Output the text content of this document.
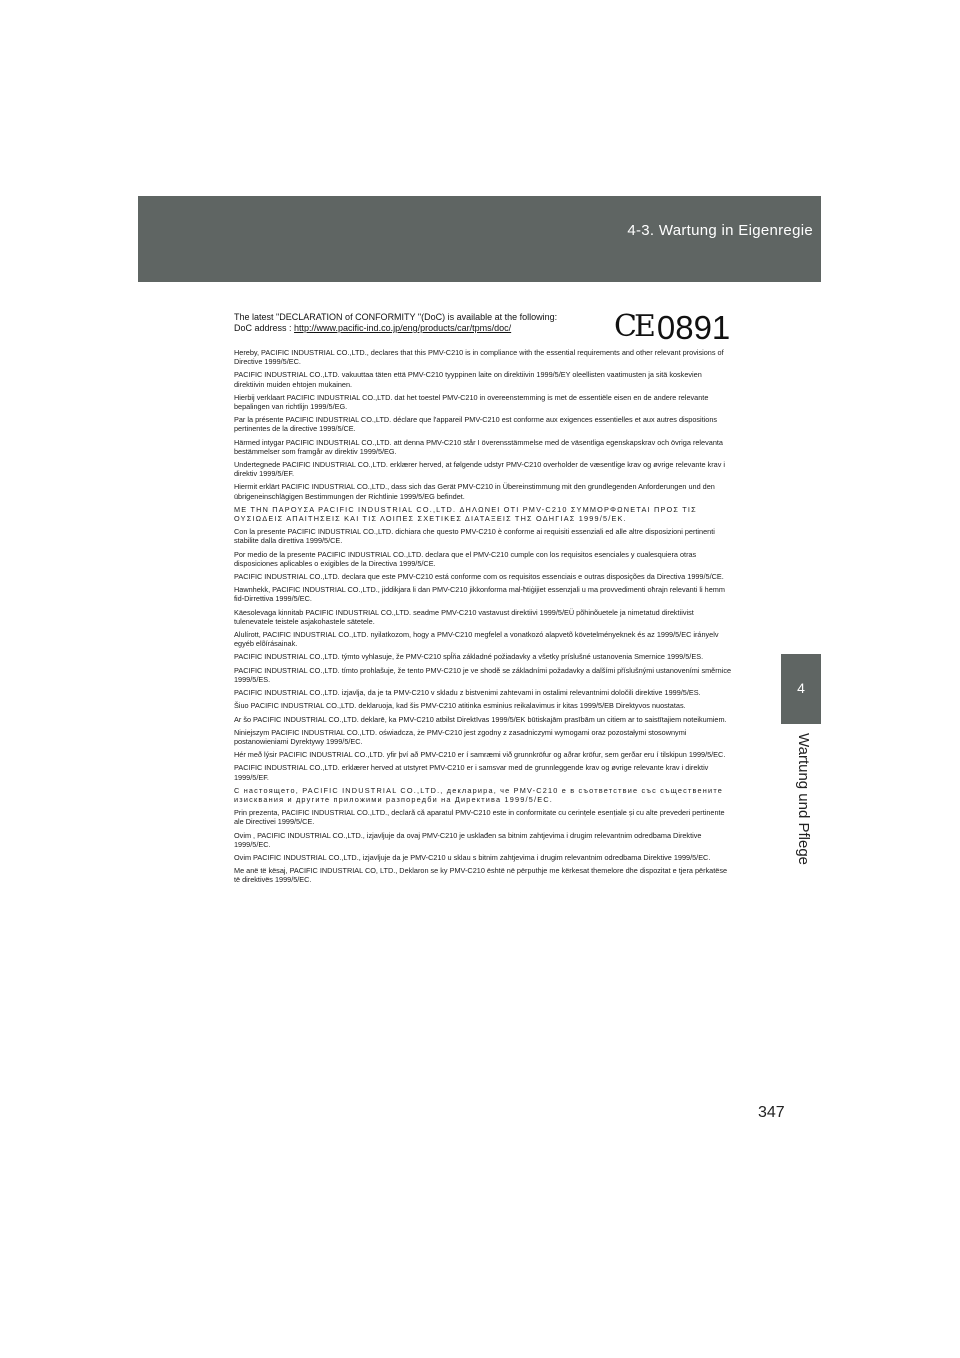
4-3. Wartung in Eigenregie
4
Wartung und Pflege
The latest "DECLARATION of CONFORMITY "(DoC) is available at the following:
DoC address : http://www.pacific-ind.co.jp/eng/products/car/tpms/doc/	CE 0891

Hereby, PACIFIC INDUSTRIAL CO.,LTD., declares that this PMV-C210 is in compliance with the essential requirements and other relevant provisions of Directive 1999/5/EC.

PACIFIC INDUSTRIAL CO.,LTD. vakuuttaa täten että PMV-C210 tyyppinen laite on direktiivin 1999/5/EY oleellisten vaatimusten ja sitä koskevien direktiivin muiden ehtojen mukainen.

Hierbij verklaart PACIFIC INDUSTRIAL CO.,LTD. dat het toestel PMV-C210 in overeenstemming is met de essentiële eisen en de andere relevante bepalingen van richtlijn 1999/5/EG.

Par la présente PACIFIC INDUSTRIAL CO.,LTD. déclare que l'appareil PMV-C210 est conforme aux exigences essentielles et aux autres dispositions pertinentes de la directive 1999/5/CE.

Härmed intygar PACIFIC INDUSTRIAL CO.,LTD. att denna PMV-C210 står I överensstämmelse med de väsentliga egenskapskrav och övriga relevanta bestämmelser som framgår av direktiv 1999/5/EG.

Undertegnede PACIFIC INDUSTRIAL CO.,LTD. erklærer herved, at følgende udstyr PMV-C210 overholder de væsentlige krav og øvrige relevante krav i direktiv 1999/5/EF.

Hiermit erklärt PACIFIC INDUSTRIAL CO.,LTD., dass sich das Gerät PMV-C210 in Übereinstimmung mit den grundlegenden Anforderungen und den übrigeneinschlägigen Bestimmungen der Richtlinie 1999/5/EG befindet.

ΜΕ ΤΗΝ ΠΑΡΟΥΣΑ PACIFIC INDUSTRIAL CO.,LTD. ΔΗΛΩΝΕΙ ΟΤΙ PMV-C210 ΣΥΜΜΟΡΦΩΝΕΤΑΙ ΠΡΟΣ ΤΙΣ ΟΥΣΙΩΔΕΙΣ ΑΠΑΙΤΗΣΕΙΣ ΚΑΙ ΤΙΣ ΛΟΙΠΕΣ ΣΧΕΤΙΚΕΣ ΔΙΑΤΑΞΕΙΣ ΤΗΣ ΟΔΗΓΙΑΣ 1999/5/ΕΚ.

Con la presente PACIFIC INDUSTRIAL CO.,LTD. dichiara che questo PMV-C210 è conforme ai requisiti essenziali ed alle altre disposizioni pertinenti stabilite dalla direttiva 1999/5/CE.

Por medio de la presente PACIFIC INDUSTRIAL CO.,LTD. declara que el PMV-C210 cumple con los requisitos esenciales y cualesquiera otras disposiciones aplicables o exigibles de la Directiva 1999/5/CE.

PACIFIC INDUSTRIAL CO.,LTD. declara que este PMV-C210 está conforme com os requisitos essenciais e outras disposições da Directiva 1999/5/CE.

Hawnhekk, PACIFIC INDUSTRIAL CO.,LTD., jiddikjara li dan PMV-C210 jikkonforma mal-ħtiġijiet essenzjali u ma provvedimenti oħrajn relevanti li hemm fid-Dirrettiva 1999/5/EC.

Käesolevaga kinnitab PACIFIC INDUSTRIAL CO.,LTD. seadme PMV-C210 vastavust direktiivi 1999/5/EÜ põhinõuetele ja nimetatud direktiivist tulenevatele teistele asjakohastele sätetele.

Alulírott, PACIFIC INDUSTRIAL CO.,LTD. nyilatkozom, hogy a PMV-C210 megfelel a vonatkozó alapvetõ követelményeknek és az 1999/5/EC irányelv egyéb elõírásainak.

PACIFIC INDUSTRIAL CO.,LTD. týmto vyhlasuje, že PMV-C210 spĺňa základné požiadavky a všetky príslušné ustanovenia Smernice 1999/5/ES.

PACIFIC INDUSTRIAL CO.,LTD. tímto prohlašuje, že tento PMV-C210 je ve shodě se základními požadavky a dalšími příslušnými ustanoveními směrnice 1999/5/ES.

PACIFIC INDUSTRIAL CO.,LTD. izjavlja, da je ta PMV-C210 v skladu z bistvenimi zahtevami in ostalimi relevantnimi določili direktive 1999/5/ES.

Šiuo PACIFIC INDUSTRIAL CO.,LTD. deklaruoja, kad šis PMV-C210 atitinka esminius reikalavimus ir kitas 1999/5/EB Direktyvos nuostatas.

Ar šo PACIFIC INDUSTRIAL CO.,LTD. deklarē, ka PMV-C210 atbilst Direktīvas 1999/5/EK būtiskajām prasībām un citiem ar to saistītajiem noteikumiem.

Niniejszym PACIFIC INDUSTRIAL CO.,LTD. oświadcza, że PMV-C210 jest zgodny z zasadniczymi wymogami oraz pozostałymi stosownymi postanowieniami Dyrektywy 1999/5/EC.

Hér með lýsir PACIFIC INDUSTRIAL CO.,LTD. yfir því að PMV-C210 er í samræmi við grunnkröfur og aðrar kröfur, sem gerðar eru í tilskipun 1999/5/EC.

PACIFIC INDUSTRIAL CO.,LTD. erklærer herved at utstyret PMV-C210 er i samsvar med de grunnleggende krav og øvrige relevante krav i direktiv 1999/5/EF.

С настоящето, PACIFIC INDUSTRIAL CO.,LTD., декларира, че PMV-C210 е в съответствие със съществените изисквания и другите приложими разпоредби на Директива 1999/5/ЕС.

Prin prezenta, PACIFIC INDUSTRIAL CO.,LTD., declară că aparatul PMV-C210 este in conformitate cu cerințele esențiale și cu alte prevederi pertinente ale Directivei 1999/5/CE.

Ovim , PACIFIC INDUSTRIAL CO.,LTD., izjavljuje da ovaj PMV-C210 je usklađen sa bitnim zahtjevima i drugim relevantnim odredbama Direktive 1999/5/EC.

Ovim PACIFIC INDUSTRIAL CO.,LTD., izjavljuje da je PMV-C210 u sklau s bitnim zahtjevima i drugim relevantnim odredbama Direktive 1999/5/EC.

Me anë të kësaj, PACIFIC INDUSTRIAL CO, LTD., Deklaron se ky PMV-C210 është në përputhje me kërkesat themelore dhe dispozitat e tjera përkatëse të direktivës 1999/5/EC.

347
